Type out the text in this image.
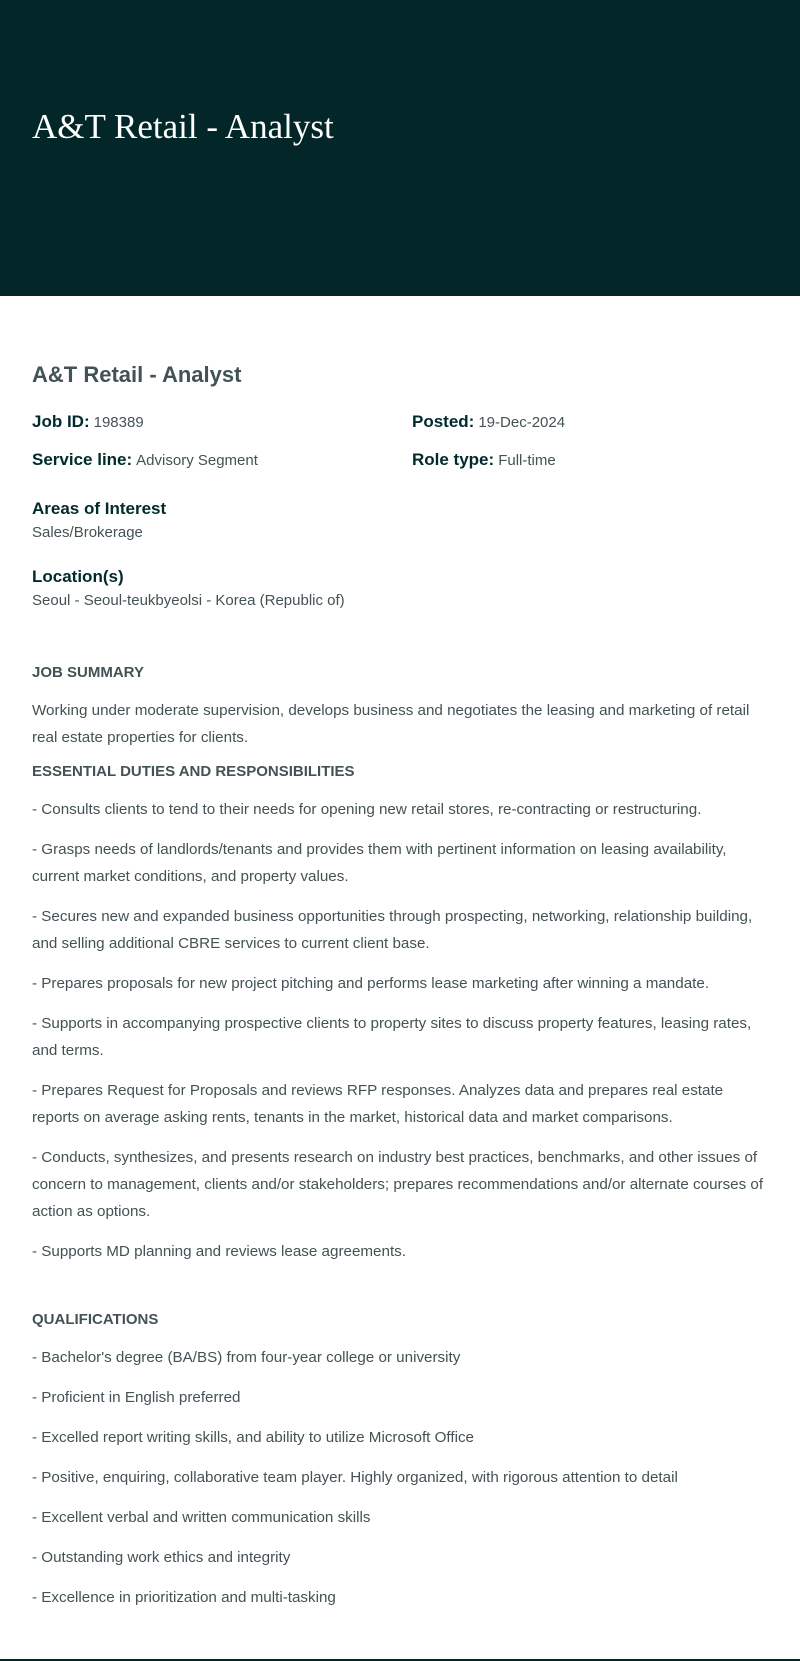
A&T Retail - Analyst
A&T Retail - Analyst
Job ID: 198389	Posted: 19-Dec-2024
Service line: Advisory Segment	Role type: Full-time
Areas of Interest
Sales/Brokerage
Location(s)
Seoul - Seoul-teukbyeolsi - Korea (Republic of)
JOB SUMMARY

Working under moderate supervision, develops business and negotiates the leasing and marketing of retail real estate properties for clients.

ESSENTIAL DUTIES AND RESPONSIBILITIES

- Consults clients to tend to their needs for opening new retail stores, re-contracting or restructuring.

- Grasps needs of landlords/tenants and provides them with pertinent information on leasing availability, current market conditions, and property values.

- Secures new and expanded business opportunities through prospecting, networking, relationship building, and selling additional CBRE services to current client base.

- Prepares proposals for new project pitching and performs lease marketing after winning a mandate.

- Supports in accompanying prospective clients to property sites to discuss property features, leasing rates, and terms.

- Prepares Request for Proposals and reviews RFP responses. Analyzes data and prepares real estate reports on average asking rents, tenants in the market, historical data and market comparisons.

- Conducts, synthesizes, and presents research on industry best practices, benchmarks, and other issues of concern to management, clients and/or stakeholders; prepares recommendations and/or alternate courses of action as options.

- Supports MD planning and reviews lease agreements.

QUALIFICATIONS

- Bachelor's degree (BA/BS) from four-year college or university

- Proficient in English preferred

- Excelled report writing skills, and ability to utilize Microsoft Office

- Positive, enquiring, collaborative team player. Highly organized, with rigorous attention to detail

- Excellent verbal and written communication skills

- Outstanding work ethics and integrity

- Excellence in prioritization and multi-tasking
